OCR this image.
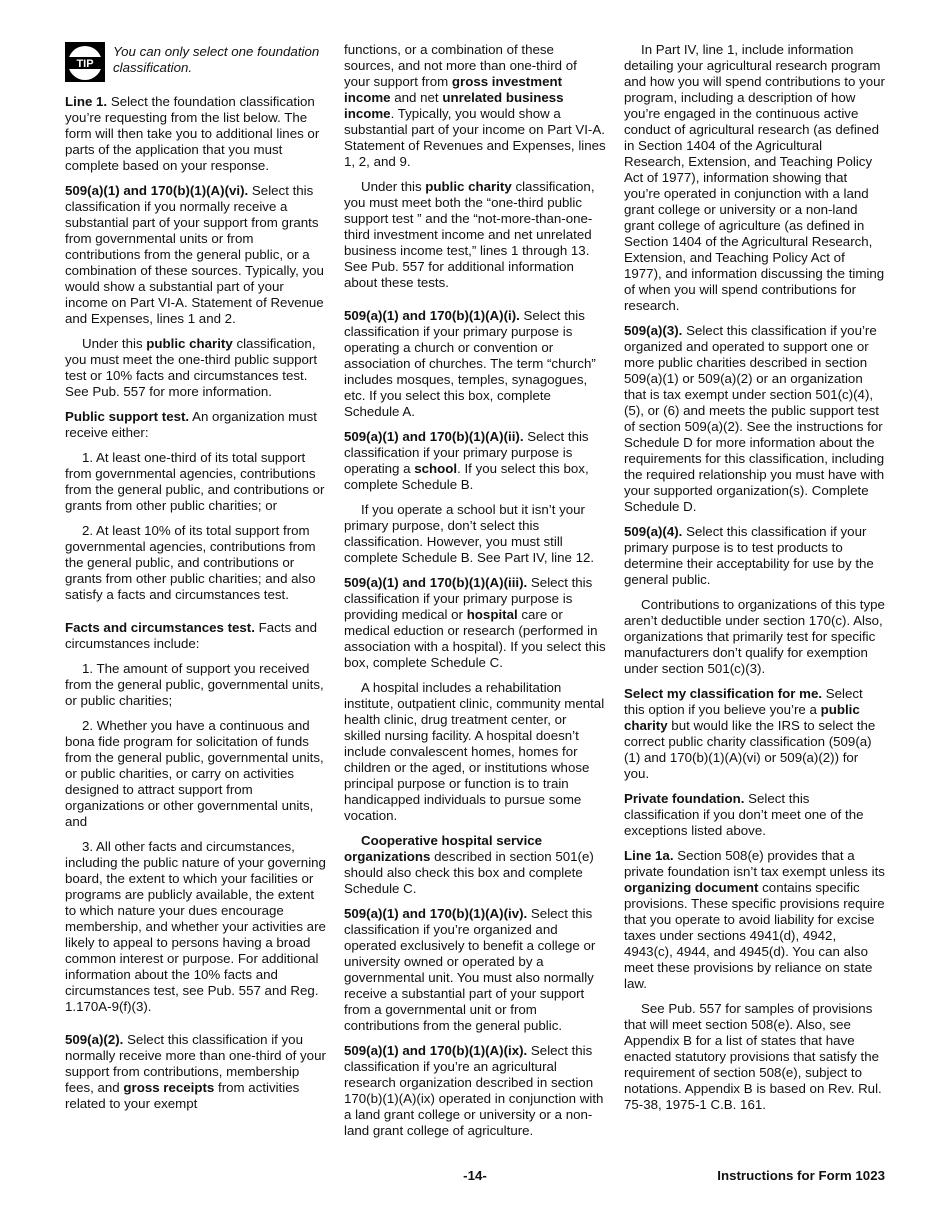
TIP
You can only select one foundation classification.

Line 1. Select the foundation classification you’re requesting from the list below. The form will then take you to additional lines or parts of the application that you must complete based on your response.

509(a)(1) and 170(b)(1)(A)(vi). Select this classification if you normally receive a substantial part of your support from grants from governmental units or from contributions from the general public, or a combination of these sources. Typically, you would show a substantial part of your income on Part VI-A. Statement of Revenue and Expenses, lines 1 and 2.

Under this public charity classification, you must meet the one-third public support test or 10% facts and circumstances test. See Pub. 557 for more information.

Public support test. An organization must receive either:

1. At least one-third of its total support from governmental agencies, contributions from the general public, and contributions or grants from other public charities; or

2. At least 10% of its total support from governmental agencies, contributions from the general public, and contributions or grants from other public charities; and also satisfy a facts and circumstances test.

Facts and circumstances test. Facts and circumstances include:

1. The amount of support you received from the general public, governmental units, or public charities;

2. Whether you have a continuous and bona fide program for solicitation of funds from the general public, governmental units, or public charities, or carry on activities designed to attract support from organizations or other governmental units, and

3. All other facts and circumstances, including the public nature of your governing board, the extent to which your facilities or programs are publicly available, the extent to which nature your dues encourage membership, and whether your activities are likely to appeal to persons having a broad common interest or purpose. For additional information about the 10% facts and circumstances test, see Pub. 557 and Reg. 1.170A-9(f)(3).

509(a)(2). Select this classification if you normally receive more than one-third of your support from contributions, membership fees, and gross receipts from activities related to your exempt

functions, or a combination of these sources, and not more than one-third of your support from gross investment income and net unrelated business income. Typically, you would show a substantial part of your income on Part VI-A. Statement of Revenues and Expenses, lines 1, 2, and 9.

Under this public charity classification, you must meet both the “one-third public support test ” and the “not-more-than-one-third investment income and net unrelated business income test,” lines 1 through 13. See Pub. 557 for additional information about these tests.

509(a)(1) and 170(b)(1)(A)(i). Select this classification if your primary purpose is operating a church or convention or association of churches. The term “church” includes mosques, temples, synagogues, etc. If you select this box, complete Schedule A.

509(a)(1) and 170(b)(1)(A)(ii). Select this classification if your primary purpose is operating a school. If you select this box, complete Schedule B.

If you operate a school but it isn’t your primary purpose, don’t select this classification. However, you must still complete Schedule B. See Part IV, line 12.

509(a)(1) and 170(b)(1)(A)(iii). Select this classification if your primary purpose is providing medical or hospital care or medical eduction or research (performed in association with a hospital). If you select this box, complete Schedule C.

A hospital includes a rehabilitation institute, outpatient clinic, community mental health clinic, drug treatment center, or skilled nursing facility. A hospital doesn’t include convalescent homes, homes for children or the aged, or institutions whose principal purpose or function is to train handicapped individuals to pursue some vocation.

Cooperative hospital service organizations described in section 501(e) should also check this box and complete Schedule C.

509(a)(1) and 170(b)(1)(A)(iv). Select this classification if you’re organized and operated exclusively to benefit a college or university owned or operated by a governmental unit. You must also normally receive a substantial part of your support from a governmental unit or from contributions from the general public.

509(a)(1) and 170(b)(1)(A)(ix). Select this classification if you’re an agricultural research organization described in section 170(b)(1)(A)(ix) operated in conjunction with a land grant college or university or a non-land grant college of agriculture.

In Part IV, line 1, include information detailing your agricultural research program and how you will spend contributions to your program, including a description of how you’re engaged in the continuous active conduct of agricultural research (as defined in Section 1404 of the Agricultural Research, Extension, and Teaching Policy Act of 1977), information showing that you’re operated in conjunction with a land grant college or university or a non-land grant college of agriculture (as defined in Section 1404 of the Agricultural Research, Extension, and Teaching Policy Act of 1977), and information discussing the timing of when you will spend contributions for research.

509(a)(3). Select this classification if you’re organized and operated to support one or more public charities described in section 509(a)(1) or 509(a)(2) or an organization that is tax exempt under section 501(c)(4), (5), or (6) and meets the public support test of section 509(a)(2). See the instructions for Schedule D for more information about the requirements for this classification, including the required relationship you must have with your supported organization(s). Complete Schedule D.

509(a)(4). Select this classification if your primary purpose is to test products to determine their acceptability for use by the general public.

Contributions to organizations of this type aren’t deductible under section 170(c). Also, organizations that primarily test for specific manufacturers don’t qualify for exemption under section 501(c)(3).

Select my classification for me. Select this option if you believe you’re a public charity but would like the IRS to select the correct public charity classification (509(a)(1) and 170(b)(1)(A)(vi) or 509(a)(2)) for you.

Private foundation. Select this classification if you don’t meet one of the exceptions listed above.

Line 1a. Section 508(e) provides that a private foundation isn’t tax exempt unless its organizing document contains specific provisions. These specific provisions require that you operate to avoid liability for excise taxes under sections 4941(d), 4942, 4943(c), 4944, and 4945(d). You can also meet these provisions by reliance on state law.

See Pub. 557 for samples of provisions that will meet section 508(e). Also, see Appendix B for a list of states that have enacted statutory provisions that satisfy the requirement of section 508(e), subject to notations. Appendix B is based on Rev. Rul. 75-38, 1975-1 C.B. 161.

-14-	Instructions for Form 1023
